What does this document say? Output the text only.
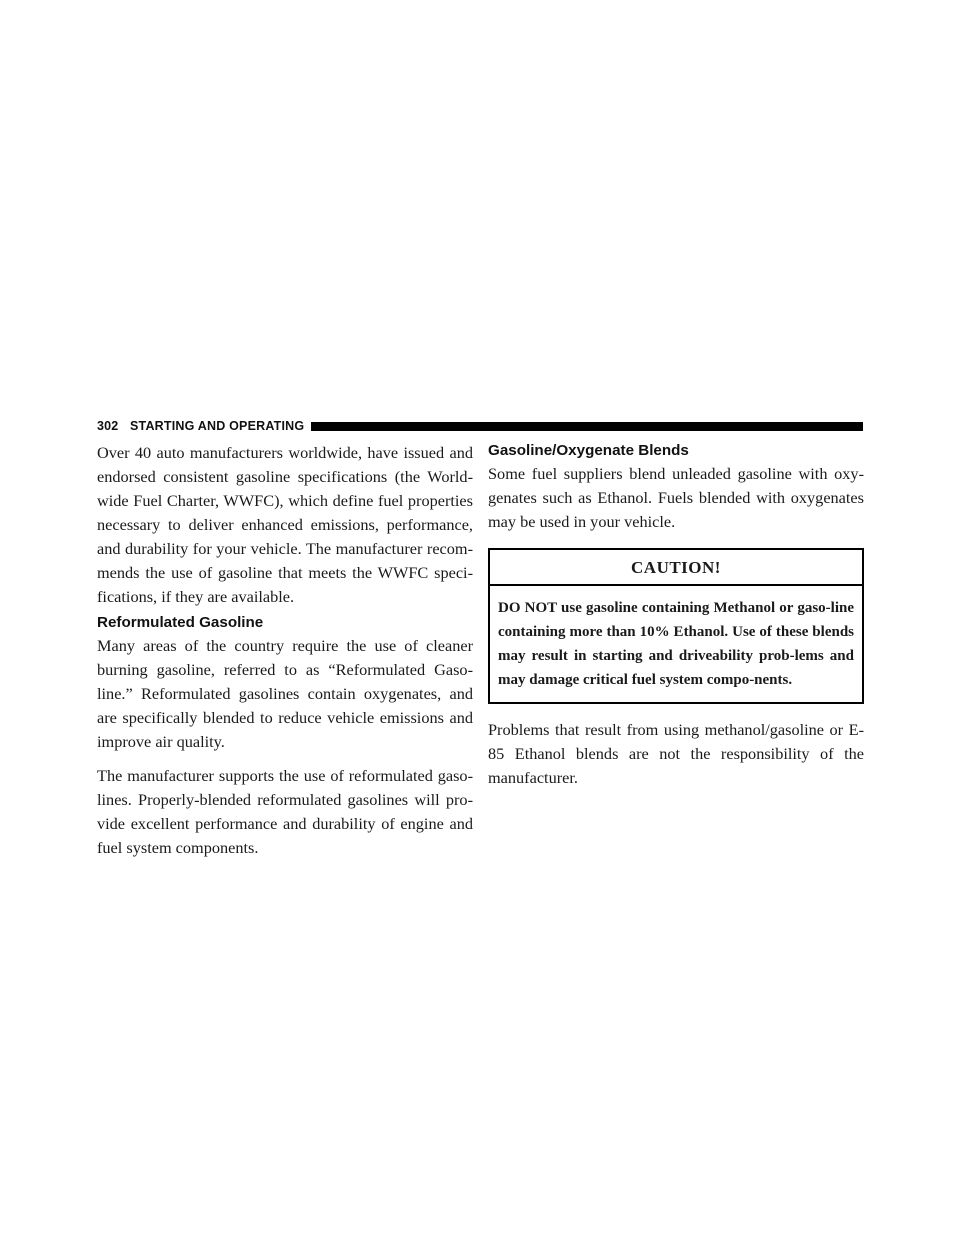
302 STARTING AND OPERATING

Over 40 auto manufacturers worldwide, have issued and endorsed consistent gasoline specifications (the World-wide Fuel Charter, WWFC), which define fuel properties necessary to deliver enhanced emissions, performance, and durability for your vehicle. The manufacturer recom-mends the use of gasoline that meets the WWFC speci-fications, if they are available.

Reformulated Gasoline

Many areas of the country require the use of cleaner burning gasoline, referred to as “Reformulated Gaso-line.” Reformulated gasolines contain oxygenates, and are specifically blended to reduce vehicle emissions and improve air quality.

The manufacturer supports the use of reformulated gaso-lines. Properly-blended reformulated gasolines will pro-vide excellent performance and durability of engine and fuel system components.

Gasoline/Oxygenate Blends

Some fuel suppliers blend unleaded gasoline with oxy-genates such as Ethanol. Fuels blended with oxygenates may be used in your vehicle.

CAUTION!
DO NOT use gasoline containing Methanol or gaso-line containing more than 10% Ethanol. Use of these blends may result in starting and driveability prob-lems and may damage critical fuel system compo-nents.

Problems that result from using methanol/gasoline or E-85 Ethanol blends are not the responsibility of the manufacturer.
